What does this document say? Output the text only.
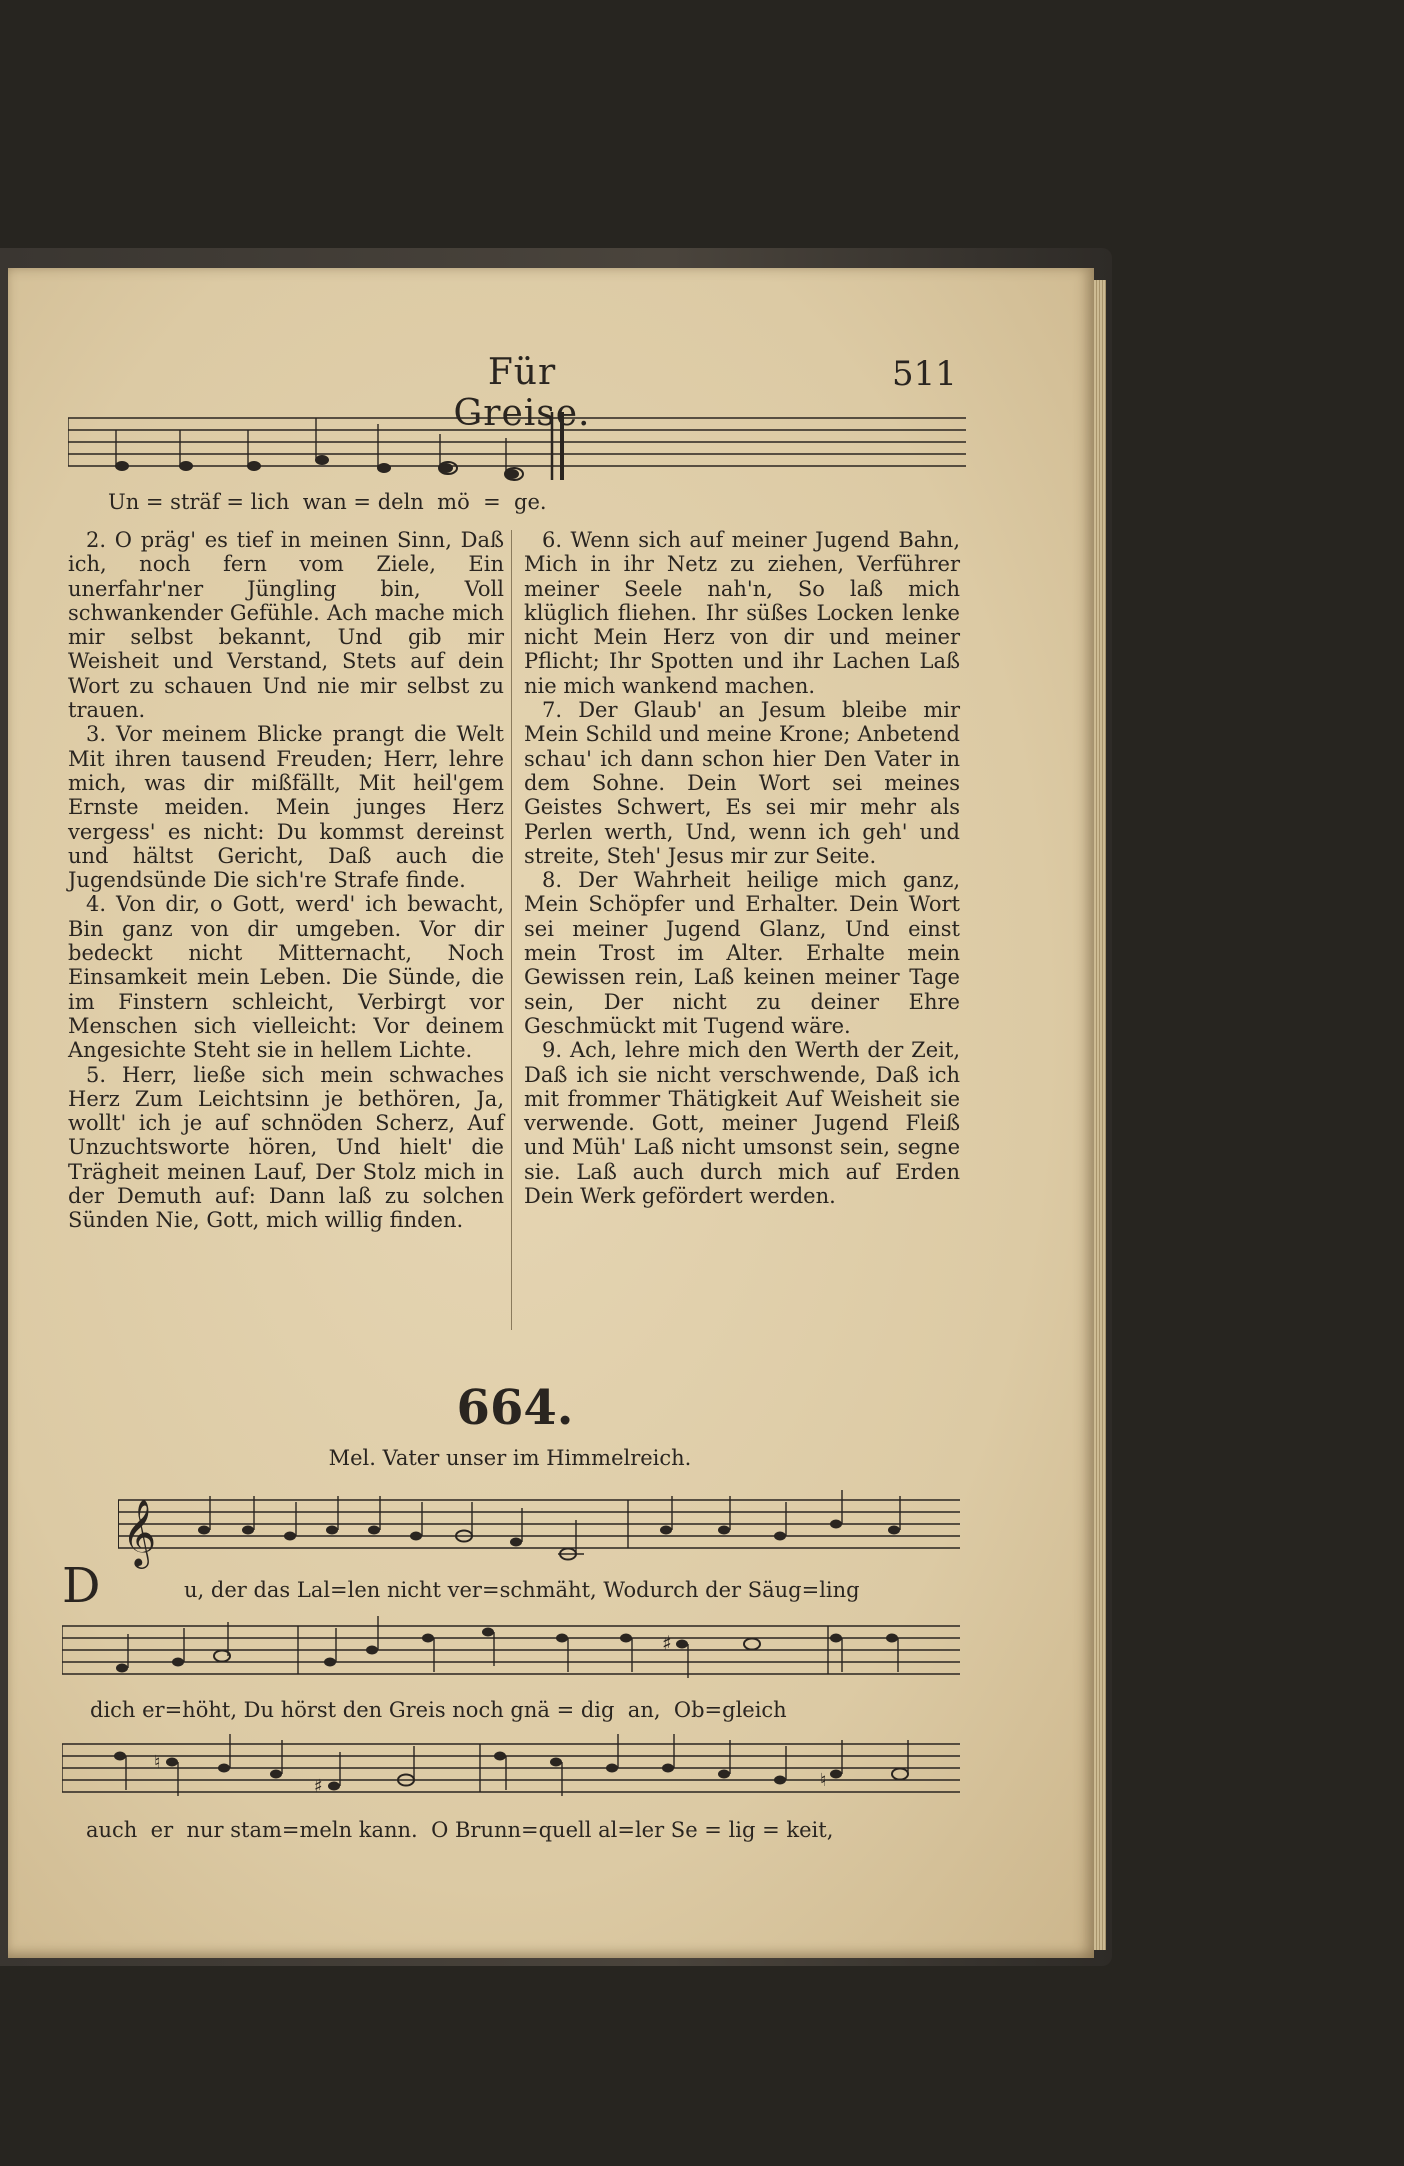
Für Greise.
511
Un = sträf = lich  wan = deln  mö  =  ge.

2. O präg' es tief in meinen Sinn, Daß ich, noch fern vom Ziele, Ein unerfahr'ner Jüngling bin, Voll schwankender Gefühle. Ach mache mich mir selbst bekannt, Und gib mir Weisheit und Verstand, Stets auf dein Wort zu schauen Und nie mir selbst zu trauen.

3. Vor meinem Blicke prangt die Welt Mit ihren tausend Freuden; Herr, lehre mich, was dir mißfällt, Mit heil'gem Ernste meiden. Mein junges Herz vergess' es nicht: Du kommst dereinst und hältst Gericht, Daß auch die Jugendsünde Die sich're Strafe finde.

4. Von dir, o Gott, werd' ich bewacht, Bin ganz von dir umgeben. Vor dir bedeckt nicht Mitternacht, Noch Einsamkeit mein Leben. Die Sünde, die im Finstern schleicht, Verbirgt vor Menschen sich vielleicht: Vor deinem Angesichte Steht sie in hellem Lichte.

5. Herr, ließe sich mein schwaches Herz Zum Leichtsinn je bethören, Ja, wollt' ich je auf schnöden Scherz, Auf Unzuchtsworte hören, Und hielt' die Trägheit meinen Lauf, Der Stolz mich in der Demuth auf: Dann laß zu solchen Sünden Nie, Gott, mich willig finden.

6. Wenn sich auf meiner Jugend Bahn, Mich in ihr Netz zu ziehen, Verführer meiner Seele nah'n, So laß mich klüglich fliehen. Ihr süßes Locken lenke nicht Mein Herz von dir und meiner Pflicht; Ihr Spotten und ihr Lachen Laß nie mich wankend machen.

7. Der Glaub' an Jesum bleibe mir Mein Schild und meine Krone; Anbetend schau' ich dann schon hier Den Vater in dem Sohne. Dein Wort sei meines Geistes Schwert, Es sei mir mehr als Perlen werth, Und, wenn ich geh' und streite, Steh' Jesus mir zur Seite.

8. Der Wahrheit heilige mich ganz, Mein Schöpfer und Erhalter. Dein Wort sei meiner Jugend Glanz, Und einst mein Trost im Alter. Erhalte mein Gewissen rein, Laß keinen meiner Tage sein, Der nicht zu deiner Ehre Geschmückt mit Tugend wäre.

9. Ach, lehre mich den Werth der Zeit, Daß ich sie nicht verschwende, Daß ich mit frommer Thätigkeit Auf Weisheit sie verwende. Gott, meiner Jugend Fleiß und Müh' Laß nicht umsonst sein, segne sie. Laß auch durch mich auf Erden Dein Werk gefördert werden.

664.
Mel. Vater unser im Himmelreich.
D
𝄞
u, der das Lal=len nicht ver=schmäht, Wodurch der Säug=ling
♯
dich er=höht, Du hörst den Greis noch gnä = dig  an,  Ob=gleich
♮
♯	♮
auch  er  nur stam=meln kann.  O Brunn=quell al=ler Se = lig = keit,
